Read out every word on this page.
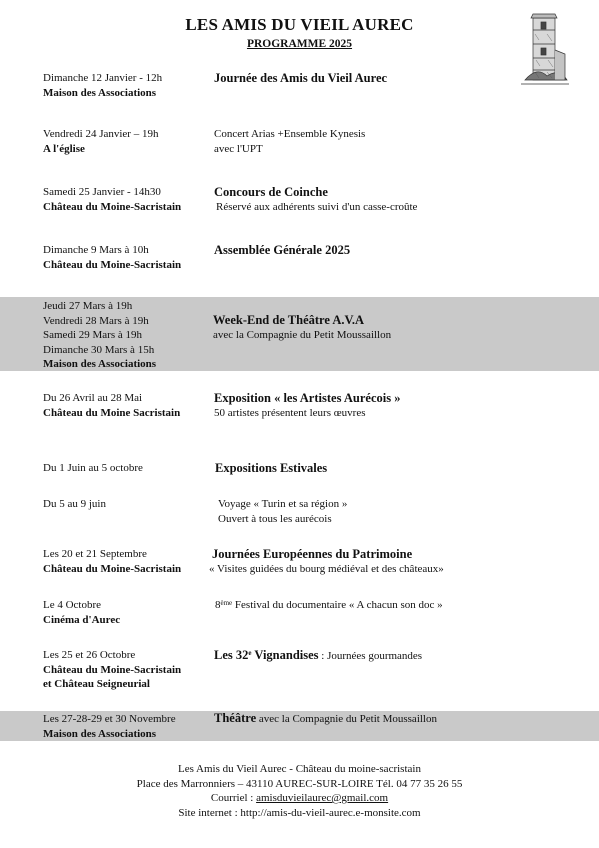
LES AMIS DU VIEIL AUREC
PROGRAMME 2025
Dimanche 12 Janvier - 12h
Maison des Associations
Journée des Amis du Vieil Aurec
Vendredi 24 Janvier – 19h
A l'église
Concert Arias +Ensemble Kynesis
avec l'UPT
Samedi 25 Janvier - 14h30
Château du Moine-Sacristain
Concours de Coinche
Réservé aux adhérents suivi d'un casse-croûte
Dimanche 9 Mars à 10h
Château du Moine-Sacristain
Assemblée Générale 2025
Jeudi 27 Mars à 19h
Vendredi 28 Mars à 19h
Samedi 29 Mars à 19h
Dimanche 30 Mars à 15h
Maison des Associations
Week-End de Théâtre A.V.A
avec la Compagnie du Petit Moussaillon
Du 26 Avril au 28 Mai
Château du Moine Sacristain
Exposition « les Artistes Aurécois »
50 artistes présentent leurs œuvres
Du 1 Juin au 5 octobre	Expositions Estivales
Du 5 au 9 juin	Voyage « Turin et sa région »
Ouvert à tous les aurécois
Les 20 et 21 Septembre
Château du Moine-Sacristain
Journées Européennes du Patrimoine
« Visites guidées du bourg médiéval et des châteaux»
Le 4 Octobre
Cinéma d'Aurec
8ème Festival du documentaire « A chacun son doc »
Les 25 et 26 Octobre
Château du Moine-Sacristain
et Château Seigneurial
Les 32e Vignandises : Journées gourmandes
Les 27-28-29 et 30 Novembre
Maison des Associations
Théâtre avec la Compagnie du Petit Moussaillon
Les Amis du Vieil Aurec - Château du moine-sacristain
Place des Marronniers – 43110 AUREC-SUR-LOIRE Tél. 04 77 35 26 55
Courriel : amisduvieilaurec@gmail.com
Site internet : http://amis-du-vieil-aurec.e-monsite.com
